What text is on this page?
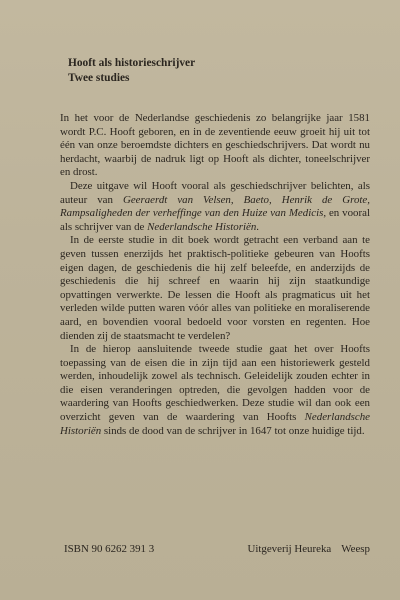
Hooft als historieschrijver
Twee studies

In het voor de Nederlandse geschiedenis zo belangrijke jaar 1581 wordt P.C. Hooft geboren, en in de zeventiende eeuw groeit hij uit tot één van onze beroemdste dichters en geschiedschrijvers. Dat wordt nu herdacht, waarbij de nadruk ligt op Hooft als dichter, toneelschrijver en drost.

Deze uitgave wil Hooft vooral als geschiedschrijver belichten, als auteur van Geeraerdt van Velsen, Baeto, Henrik de Grote, Rampsaligheden der verheffinge van den Huize van Medicis, en vooral als schrijver van de Nederlandsche Historiën.

In de eerste studie in dit boek wordt getracht een verband aan te geven tussen enerzijds het praktisch-politieke gebeuren van Hoofts eigen dagen, de geschiedenis die hij zelf beleefde, en anderzijds de geschiedenis die hij schreef en waarin hij zijn staatkundige opvattingen verwerkte. De lessen die Hooft als pragmaticus uit het verleden wilde putten waren vóór alles van politieke en moraliserende aard, en bovendien vooral bedoeld voor vorsten en regenten. Hoe dienden zij de staatsmacht te verdelen?

In de hierop aansluitende tweede studie gaat het over Hoofts toepassing van de eisen die in zijn tijd aan een historiewerk gesteld werden, inhoudelijk zowel als technisch. Geleidelijk zouden echter in die eisen veranderingen optreden, die gevolgen hadden voor de waardering van Hoofts geschiedwerken. Deze studie wil dan ook een overzicht geven van de waardering van Hoofts Nederlandsche Historiën sinds de dood van de schrijver in 1647 tot onze huidige tijd.

ISBN 90 6262 391 3	Uitgeverij Heureka Weesp
